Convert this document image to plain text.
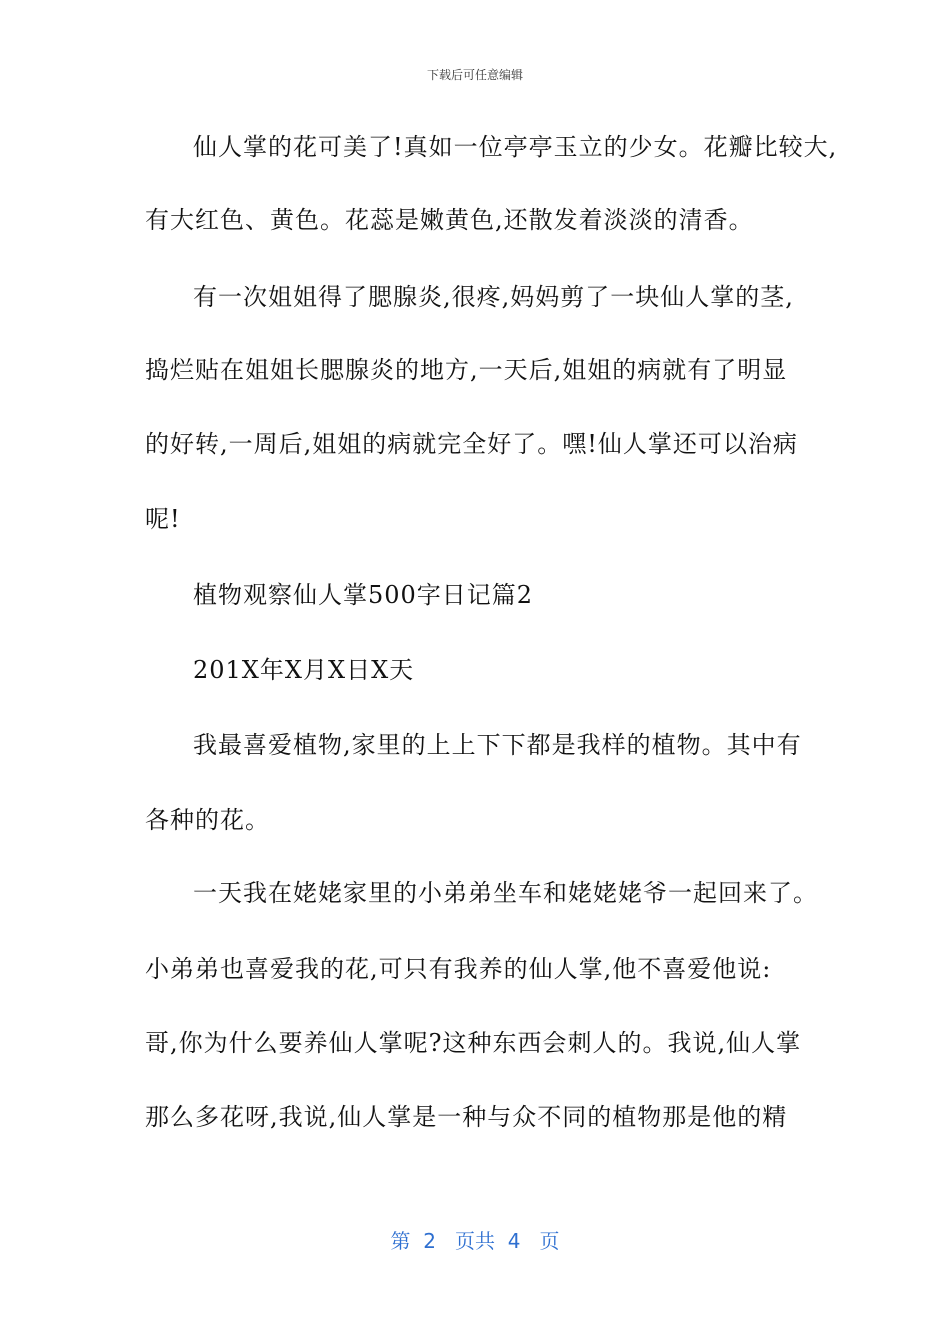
下载后可任意编辑
仙人掌的花可美了!真如一位亭亭玉立的少女。花瓣比较大,
有大红色、黄色。花蕊是嫩黄色,还散发着淡淡的清香。
有一次姐姐得了腮腺炎,很疼,妈妈剪了一块仙人掌的茎,
捣烂贴在姐姐长腮腺炎的地方,一天后,姐姐的病就有了明显
的好转,一周后,姐姐的病就完全好了。嘿!仙人掌还可以治病
呢!
植物观察仙人掌500字日记篇2
201X年X月X日X天
我最喜爱植物,家里的上上下下都是我样的植物。其中有
各种的花。
一天我在姥姥家里的小弟弟坐车和姥姥姥爷一起回来了。
小弟弟也喜爱我的花,可只有我养的仙人掌,他不喜爱他说:
哥,你为什么要养仙人掌呢?这种东西会刺人的。我说,仙人掌
那么多花呀,我说,仙人掌是一种与众不同的植物那是他的精
第  2   页共  4   页
